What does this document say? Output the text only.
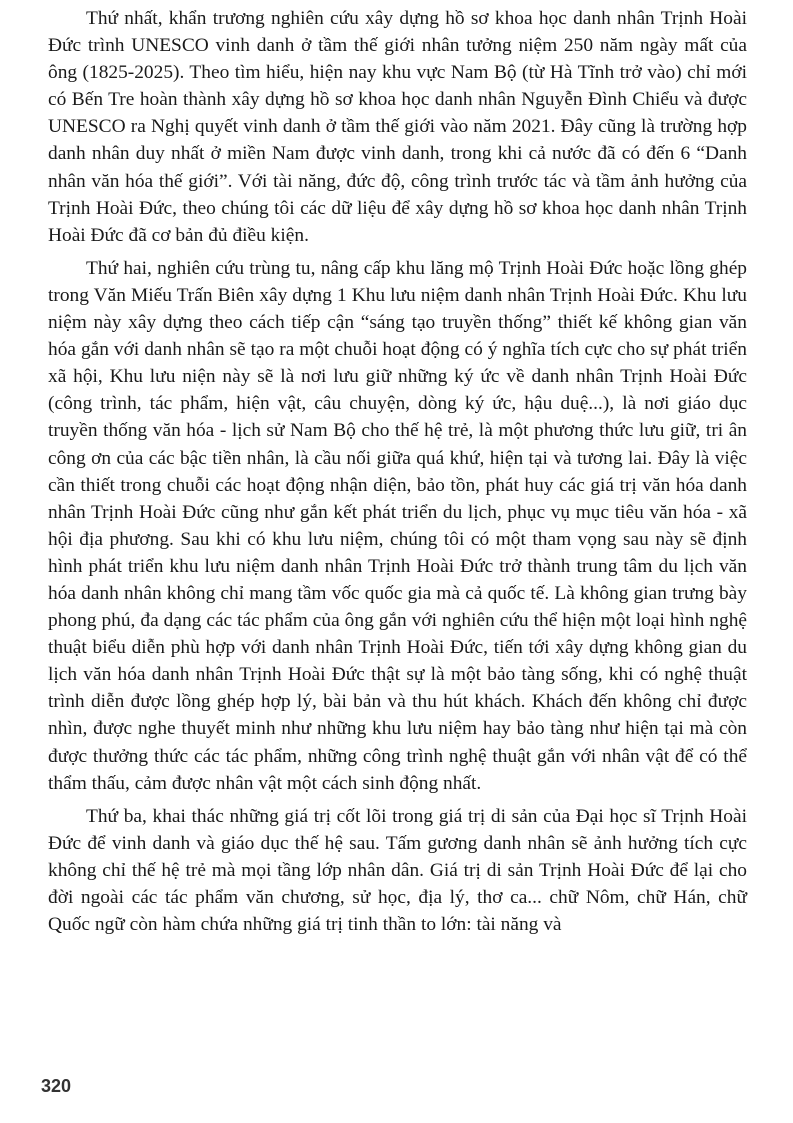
Thứ nhất, khẩn trương nghiên cứu xây dựng hồ sơ khoa học danh nhân Trịnh Hoài Đức trình UNESCO vinh danh ở tầm thế giới nhân tưởng niệm 250 năm ngày mất của ông (1825-2025). Theo tìm hiểu, hiện nay khu vực Nam Bộ (từ Hà Tĩnh trở vào) chỉ mới có Bến Tre hoàn thành xây dựng hồ sơ khoa học danh nhân Nguyễn Đình Chiểu và được UNESCO ra Nghị quyết vinh danh ở tầm thế giới vào năm 2021. Đây cũng là trường hợp danh nhân duy nhất ở miền Nam được vinh danh, trong khi cả nước đã có đến 6 “Danh nhân văn hóa thế giới”. Với tài năng, đức độ, công trình trước tác và tầm ảnh hưởng của Trịnh Hoài Đức, theo chúng tôi các dữ liệu để xây dựng hồ sơ khoa học danh nhân Trịnh Hoài Đức đã cơ bản đủ điều kiện.

Thứ hai, nghiên cứu trùng tu, nâng cấp khu lăng mộ Trịnh Hoài Đức hoặc lồng ghép trong Văn Miếu Trấn Biên xây dựng 1 Khu lưu niệm danh nhân Trịnh Hoài Đức. Khu lưu niệm này xây dựng theo cách tiếp cận “sáng tạo truyền thống” thiết kế không gian văn hóa gắn với danh nhân sẽ tạo ra một chuỗi hoạt động có ý nghĩa tích cực cho sự phát triển xã hội, Khu lưu niện này sẽ là nơi lưu giữ những ký ức về danh nhân Trịnh Hoài Đức (công trình, tác phẩm, hiện vật, câu chuyện, dòng ký ức, hậu duệ...), là nơi giáo dục truyền thống văn hóa - lịch sử Nam Bộ cho thế hệ trẻ, là một phương thức lưu giữ, tri ân công ơn của các bậc tiền nhân, là cầu nối giữa quá khứ, hiện tại và tương lai. Đây là việc cần thiết trong chuỗi các hoạt động nhận diện, bảo tồn, phát huy các giá trị văn hóa danh nhân Trịnh Hoài Đức cũng như gắn kết phát triển du lịch, phục vụ mục tiêu văn hóa - xã hội địa phương. Sau khi có khu lưu niệm, chúng tôi có một tham vọng sau này sẽ định hình phát triển khu lưu niệm danh nhân Trịnh Hoài Đức trở thành trung tâm du lịch văn hóa danh nhân không chỉ mang tầm vốc quốc gia mà cả quốc tế. Là không gian trưng bày phong phú, đa dạng các tác phẩm của ông gắn với nghiên cứu thể hiện một loại hình nghệ thuật biểu diễn phù hợp với danh nhân Trịnh Hoài Đức, tiến tới xây dựng không gian du lịch văn hóa danh nhân Trịnh Hoài Đức thật sự là một bảo tàng sống, khi có nghệ thuật trình diễn được lồng ghép hợp lý, bài bản và thu hút khách. Khách đến không chỉ được nhìn, được nghe thuyết minh như những khu lưu niệm hay bảo tàng như hiện tại mà còn được thưởng thức các tác phẩm, những công trình nghệ thuật gắn với nhân vật để có thể thẩm thấu, cảm được nhân vật một cách sinh động nhất.

Thứ ba, khai thác những giá trị cốt lõi trong giá trị di sản của Đại học sĩ Trịnh Hoài Đức để vinh danh và giáo dục thế hệ sau. Tấm gương danh nhân sẽ ảnh hưởng tích cực không chỉ thế hệ trẻ mà mọi tầng lớp nhân dân. Giá trị di sản Trịnh Hoài Đức để lại cho đời ngoài các tác phẩm văn chương, sử học, địa lý, thơ ca... chữ Nôm, chữ Hán, chữ Quốc ngữ còn hàm chứa những giá trị tinh thần to lớn: tài năng và

320
